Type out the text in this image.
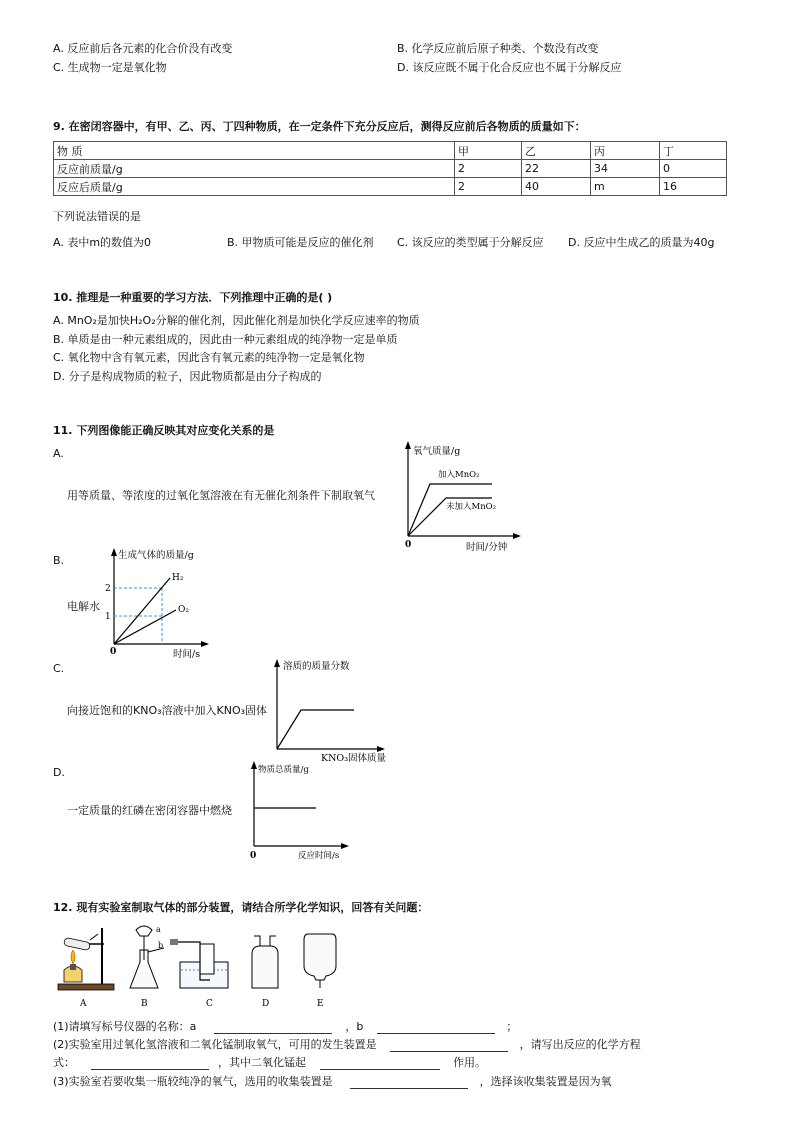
A. 反应前后各元素的化合价没有改变	B. 化学反应前后原子种类、个数没有改变
C. 生成物一定是氧化物	D. 该反应既不属于化合反应也不属于分解反应
9. 在密闭容器中，有甲、乙、丙、丁四种物质，在一定条件下充分反应后，测得反应前后各物质的质量如下：
物 质	甲	乙	丙	丁
反应前质量/g	2	22	34	0
反应后质量/g	2	40	m	16
下列说法错误的是
A. 表中m的数值为0	B. 甲物质可能是反应的催化剂 C. 该反应的类型属于分解反应 D. 反应中生成乙的质量为40g
10. 推理是一种重要的学习方法．下列推理中正确的是( )
A. MnO₂是加快H₂O₂分解的催化剂，因此催化剂是加快化学反应速率的物质
B. 单质是由一种元素组成的，因此由一种元素组成的纯净物一定是单质
C. 氧化物中含有氧元素，因此含有氧元素的纯净物一定是氧化物
D. 分子是构成物质的粒子，因此物质都是由分子构成的
11. 下列图像能正确反映其对应变化关系的是
A.
用等质量、等浓度的过氧化氢溶液在有无催化剂条件下制取氧气
氧气质量/g
加入MnO₂
未加入MnO₂
0	时间/分钟
B.
电解水
生成气体的质量/g
2
1
H₂
O₂
0	时间/s
C.
向接近饱和的KNO₃溶液中加入KNO₃固体
溶质的质量分数
KNO₃固体质量
D.
一定质量的红磷在密闭容器中燃烧
物质总质量/g
0	反应时间/s
12. 现有实验室制取气体的部分装置，请结合所学化学知识，回答有关问题：
a
b
A	B	C	D	E
(1)请填写标号仪器的名称：a	，b	；
(2)实验室用过氧化氢溶液和二氧化锰制取氧气，可用的发生装置是	，请写出反应的化学方程
式：	，其中二氧化锰起	作用。
(3)实验室若要收集一瓶较纯净的氧气，选用的收集装置是	，选择该收集装置是因为氧
